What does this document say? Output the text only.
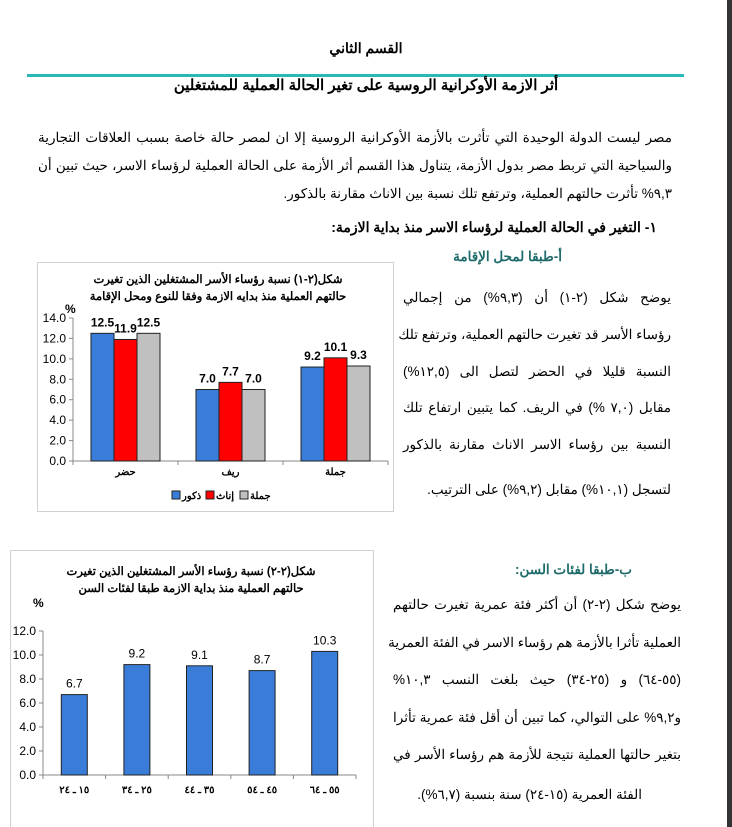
القسم الثاني
أثر الازمة الأوكرانية الروسية على تغير الحالة العملية للمشتغلين
مصر ليست الدولة الوحيدة التي تأثرت بالأزمة الأوكرانية الروسية إلا ان لمصر حالة خاصة بسبب العلاقات التجارية
والسياحية التي تربط مصر بدول الأزمة، يتناول هذا القسم أثر الأزمة على الحالة العملية لرؤساء الاسر، حيث تبين أن
٩,٣% تأثرت حالتهم العملية، وترتفع تلك نسبة بين الاناث مقارنة بالذكور.
١- التغير في الحالة العملية لرؤساء الاسر منذ بداية الازمة:
أ-طبقا لمحل الإقامة
يوضح شكل (٢-١) أن (٩,٣%) من إجمالي
رؤساء الأسر قد تغيرت حالتهم العملية، وترتفع تلك
النسبة قليلا في الحضر لتصل الى (١٢,٥%)
مقابل (٧,٠ %) في الريف. كما يتبين ارتفاع تلك
النسبة بين رؤساء الاسر الاناث مقارنة بالذكور
لتسجل (١٠,١%) مقابل (٩,٢%) على الترتيب.
ب-طبقا لفئات السن:
يوضح شكل (٢-٢) أن أكثر فئة عمرية تغيرت حالتهم
العملية تأثرا بالأزمة هم رؤساء الاسر في الفئة العمرية
(٥٥-٦٤) و (٢٥-٣٤) حيث بلغت النسب ١٠,٣%
و٩,٢% على التوالي، كما تبين أن أقل فئة عمرية تأثرا
بتغير حالتها العملية نتيجة للأزمة هم رؤساء الأسر في
الفئة العمرية (١٥-٢٤) سنة بنسبة (٦,٧%).
شكل(٢-١) نسبة رؤساء الأسر المشتغلين الذين تغيرت
حالتهم العملية منذ بدايه الازمة وفقا للنوع ومحل الإقامة
%
0.0
2.0
4.0
6.0
8.0
10.0
12.0
14.0
حضر
12.5 11.9 12.5
ريف
7.0
7.7
7.0
جملة
9.2
10.1
9.3
ذكور إناث جملة
شكل(٢-٢) نسبة رؤساء الأسر المشتغلين الذين تغيرت
حالتهم العملية منذ بداية الازمة طبقا لفئات السن
%
0.0
2.0
4.0
6.0
8.0
10.0
12.0
١٥ ـ ٢٤
6.7
٢٥ ـ ٣٤
9.2
٣٥ ـ ٤٤
9.1
٤٥ ـ ٥٤
8.7
٥٥ ـ ٦٤
10.3
